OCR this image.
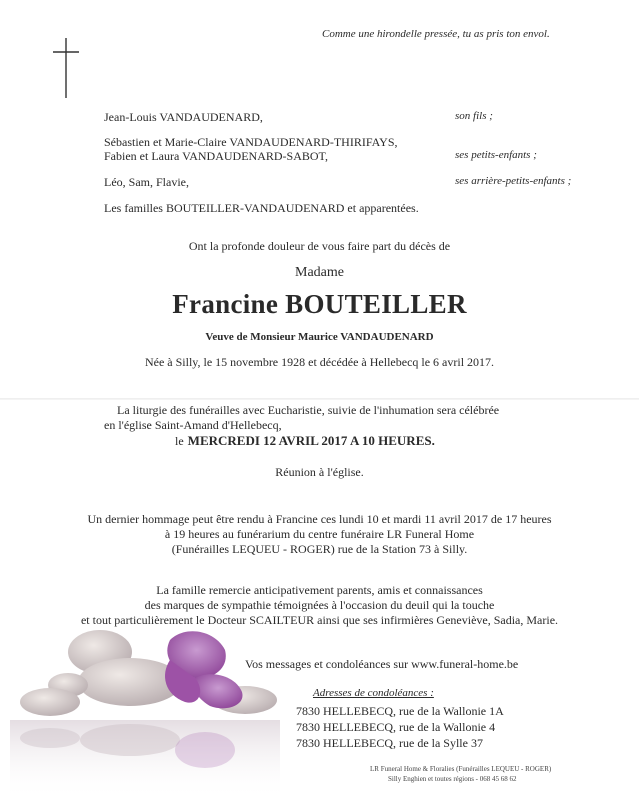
Comme une hirondelle pressée, tu as pris ton envol.
Jean-Louis VANDAUDENARD,	son fils ;
Sébastien et Marie-Claire VANDAUDENARD-THIRIFAYS,
Fabien et Laura VANDAUDENARD-SABOT,	ses petits-enfants ;
Léo, Sam, Flavie,	ses arrière-petits-enfants ;
Les familles BOUTEILLER-VANDAUDENARD et apparentées.
Ont la profonde douleur de vous faire part du décès de
Madame
Francine BOUTEILLER
Veuve de Monsieur Maurice VANDAUDENARD
Née à Silly, le 15 novembre 1928 et décédée à Hellebecq le 6 avril 2017.
La liturgie des funérailles avec Eucharistie, suivie de l'inhumation sera célébrée
en l'église Saint-Amand d'Hellebecq,
le MERCREDI 12 AVRIL 2017 A 10 HEURES.
Réunion à l'église.
Un dernier hommage peut être rendu à Francine ces lundi 10 et mardi 11 avril 2017 de 17 heures
à 19 heures au funérarium du centre funéraire LR Funeral Home
(Funérailles LEQUEU - ROGER) rue de la Station 73 à Silly.
La famille remercie anticipativement parents, amis et connaissances
des marques de sympathie témoignées à l'occasion du deuil qui la touche
et tout particulièrement le Docteur SCAILTEUR ainsi que ses infirmières Geneviève, Sadia, Marie.
Vos messages et condoléances sur www.funeral-home.be
Adresses de condoléances :
7830 HELLEBECQ, rue de la Wallonie 1A
7830 HELLEBECQ, rue de la Wallonie 4
7830 HELLEBECQ, rue de la Sylle 37
LR Funeral Home & Floralies (Funérailles LEQUEU - ROGER)
Silly Enghien et toutes régions - 068 45 68 62
